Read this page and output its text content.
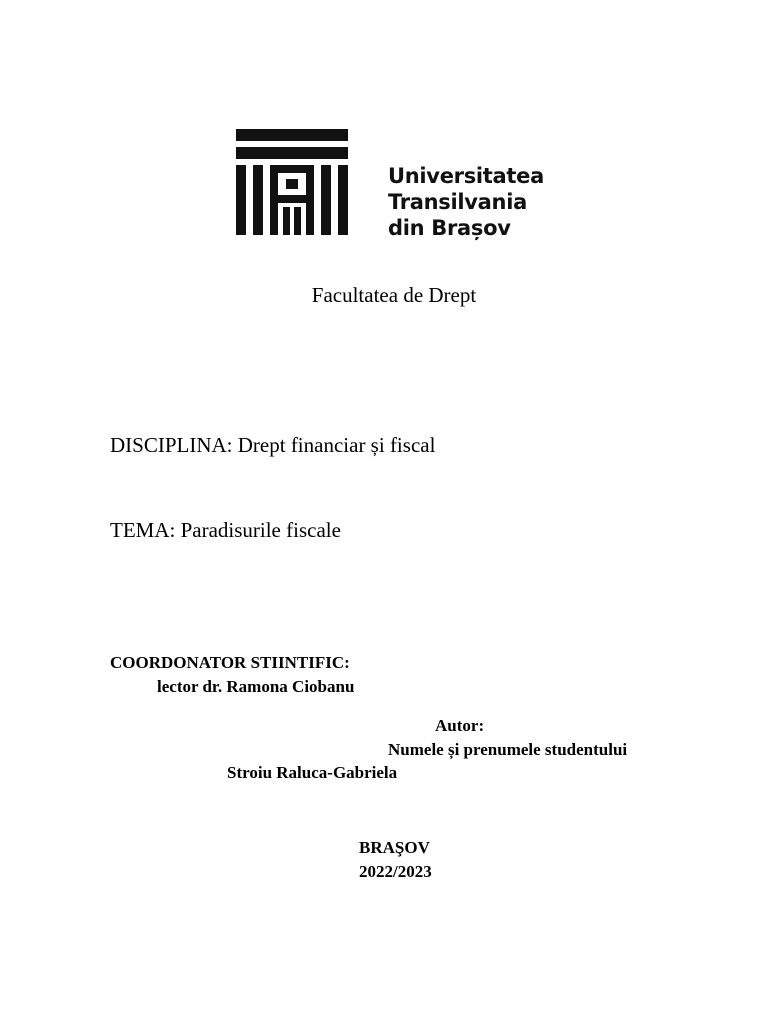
Universitatea
Transilvania
din Brașov
Facultatea de Drept
DISCIPLINA: Drept financiar și fiscal
TEMA: Paradisurile fiscale
COORDONATOR STIINTIFIC:
lector dr. Ramona Ciobanu
Autor:
Numele și prenumele studentului
Stroiu Raluca-Gabriela
BRAŞOV
2022/2023
